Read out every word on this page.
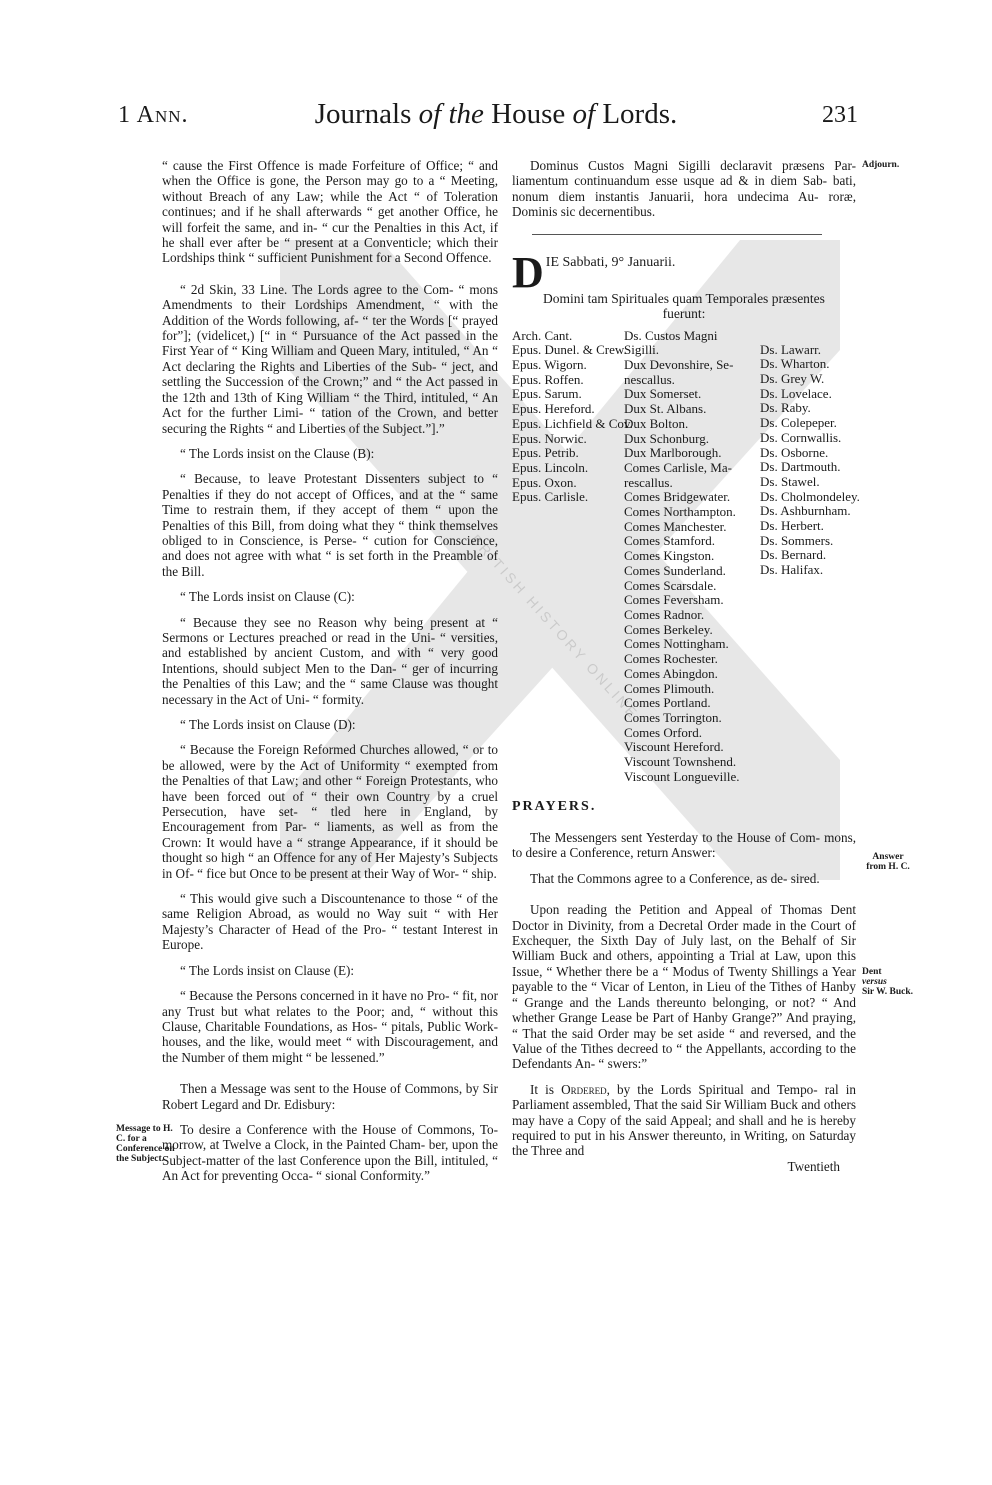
BRITISH HISTORY ONLINE
1 Ann.	Journals of the House of Lords.	231

“ cause the First Offence is made Forfeiture of Office; “ and when the Office is gone, the Person may go to a “ Meeting, without Breach of any Law; while the Act “ of Toleration continues; and if he shall afterwards “ get another Office, he will forfeit the same, and in- “ cur the Penalties in this Act, if he shall ever after be “ present at a Conventicle; which their Lordships think “ sufficient Punishment for a Second Offence.

“ 2d Skin, 33 Line. The Lords agree to the Com- “ mons Amendments to their Lordships Amendment, “ with the Addition of the Words following, af- “ ter the Words [“ prayed for”]; (videlicet,) [“ in “ Pursuance of the Act passed in the First Year of “ King William and Queen Mary, intituled, “ An “ Act declaring the Rights and Liberties of the Sub- “ ject, and settling the Succession of the Crown;” and “ the Act passed in the 12th and 13th of King William “ the Third, intituled, “ An Act for the further Limi- “ tation of the Crown, and better securing the Rights “ and Liberties of the Subject.”].”

“ The Lords insist on the Clause (B):

“ Because, to leave Protestant Dissenters subject to “ Penalties if they do not accept of Offices, and at the “ same Time to restrain them, if they accept of them “ upon the Penalties of this Bill, from doing what they “ think themselves obliged to in Conscience, is Perse- “ cution for Conscience, and does not agree with what “ is set forth in the Preamble of the Bill.

“ The Lords insist on Clause (C):

“ Because they see no Reason why being present at “ Sermons or Lectures preached or read in the Uni- “ versities, and established by ancient Custom, and with “ very good Intentions, should subject Men to the Dan- “ ger of incurring the Penalties of this Law; and the “ same Clause was thought necessary in the Act of Uni- “ formity.

“ The Lords insist on Clause (D):

“ Because the Foreign Reformed Churches allowed, “ or to be allowed, were by the Act of Uniformity “ exempted from the Penalties of that Law; and other “ Foreign Protestants, who have been forced out of “ their own Country by a cruel Persecution, have set- “ tled here in England, by Encouragement from Par- “ liaments, as well as from the Crown: It would have a “ strange Appearance, if it should be thought so high “ an Offence for any of Her Majesty’s Subjects in Of- “ fice but Once to be present at their Way of Wor- “ ship.

“ This would give such a Discountenance to those “ of the same Religion Abroad, as would no Way suit “ with Her Majesty’s Character of Head of the Pro- “ testant Interest in Europe.

“ The Lords insist on Clause (E):

“ Because the Persons concerned in it have no Pro- “ fit, nor any Trust but what relates to the Poor; and, “ without this Clause, Charitable Foundations, as Hos- “ pitals, Public Work-houses, and the like, would meet “ with Discouragement, and the Number of them might “ be lessened.”

Then a Message was sent to the House of Commons, by Sir Robert Legard and Dr. Edisbury:

To desire a Conference with the House of Commons, To-morrow, at Twelve a Clock, in the Painted Cham- ber, upon the Subject-matter of the last Conference upon the Bill, intituled, “ An Act for preventing Occa- “ sional Conformity.”

Message to H. C. for a Conference on the Subject.
Adjourn.
Answer from H. C.
Dent
versus
Sir W. Buck.

Dominus Custos Magni Sigilli declaravit præsens Par- liamentum continuandum esse usque ad & in diem Sab- bati, nonum diem instantis Januarii, hora undecima Au- roræ, Dominis sic decernentibus.

D IE Sabbati, 9° Januarii.
Domini tam Spirituales quam Temporales præsentes
fuerunt:
Arch. Cant.
Epus. Dunel. & Crew.
Epus. Wigorn.
Epus. Roffen.
Epus. Sarum.
Epus. Hereford.
Epus. Lichfield & Cov.
Epus. Norwic.
Epus. Petrib.
Epus. Lincoln.
Epus. Oxon.
Epus. Carlisle.
Ds. Custos Magni
Sigilli.
Dux Devonshire, Se-
nescallus.
Dux Somerset.
Dux St. Albans.
Dux Bolton.
Dux Schonburg.
Dux Marlborough.
Comes Carlisle, Ma-
rescallus.
Comes Bridgewater.
Comes Northampton.
Comes Manchester.
Comes Stamford.
Comes Kingston.
Comes Sunderland.
Comes Scarsdale.
Comes Feversham.
Comes Radnor.
Comes Berkeley.
Comes Nottingham.
Comes Rochester.
Comes Abingdon.
Comes Plimouth.
Comes Portland.
Comes Torrington.
Comes Orford.
Viscount Hereford.
Viscount Townshend.
Viscount Longueville.
Ds. Lawarr.
Ds. Wharton.
Ds. Grey W.
Ds. Lovelace.
Ds. Raby.
Ds. Colepeper.
Ds. Cornwallis.
Ds. Osborne.
Ds. Dartmouth.
Ds. Stawel.
Ds. Cholmondeley.
Ds. Ashburnham.
Ds. Herbert.
Ds. Sommers.
Ds. Bernard.
Ds. Halifax.
PRAYERS.

The Messengers sent Yesterday to the House of Com- mons, to desire a Conference, return Answer:

That the Commons agree to a Conference, as de- sired.

Upon reading the Petition and Appeal of Thomas Dent Doctor in Divinity, from a Decretal Order made in the Court of Exchequer, the Sixth Day of July last, on the Behalf of Sir William Buck and others, appointing a Trial at Law, upon this Issue, “ Whether there be a “ Modus of Twenty Shillings a Year payable to the “ Vicar of Lenton, in Lieu of the Tithes of Hanby “ Grange and the Lands thereunto belonging, or not? “ And whether Grange Lease be Part of Hanby Grange?” And praying, “ That the said Order may be set aside “ and reversed, and the Value of the Tithes decreed to “ the Appellants, according to the Defendants An- “ swers:”

It is Ordered, by the Lords Spiritual and Tempo- ral in Parliament assembled, That the said Sir William Buck and others may have a Copy of the said Appeal; and shall and he is hereby required to put in his Answer thereunto, in Writing, on Saturday the Three and

Twentieth
